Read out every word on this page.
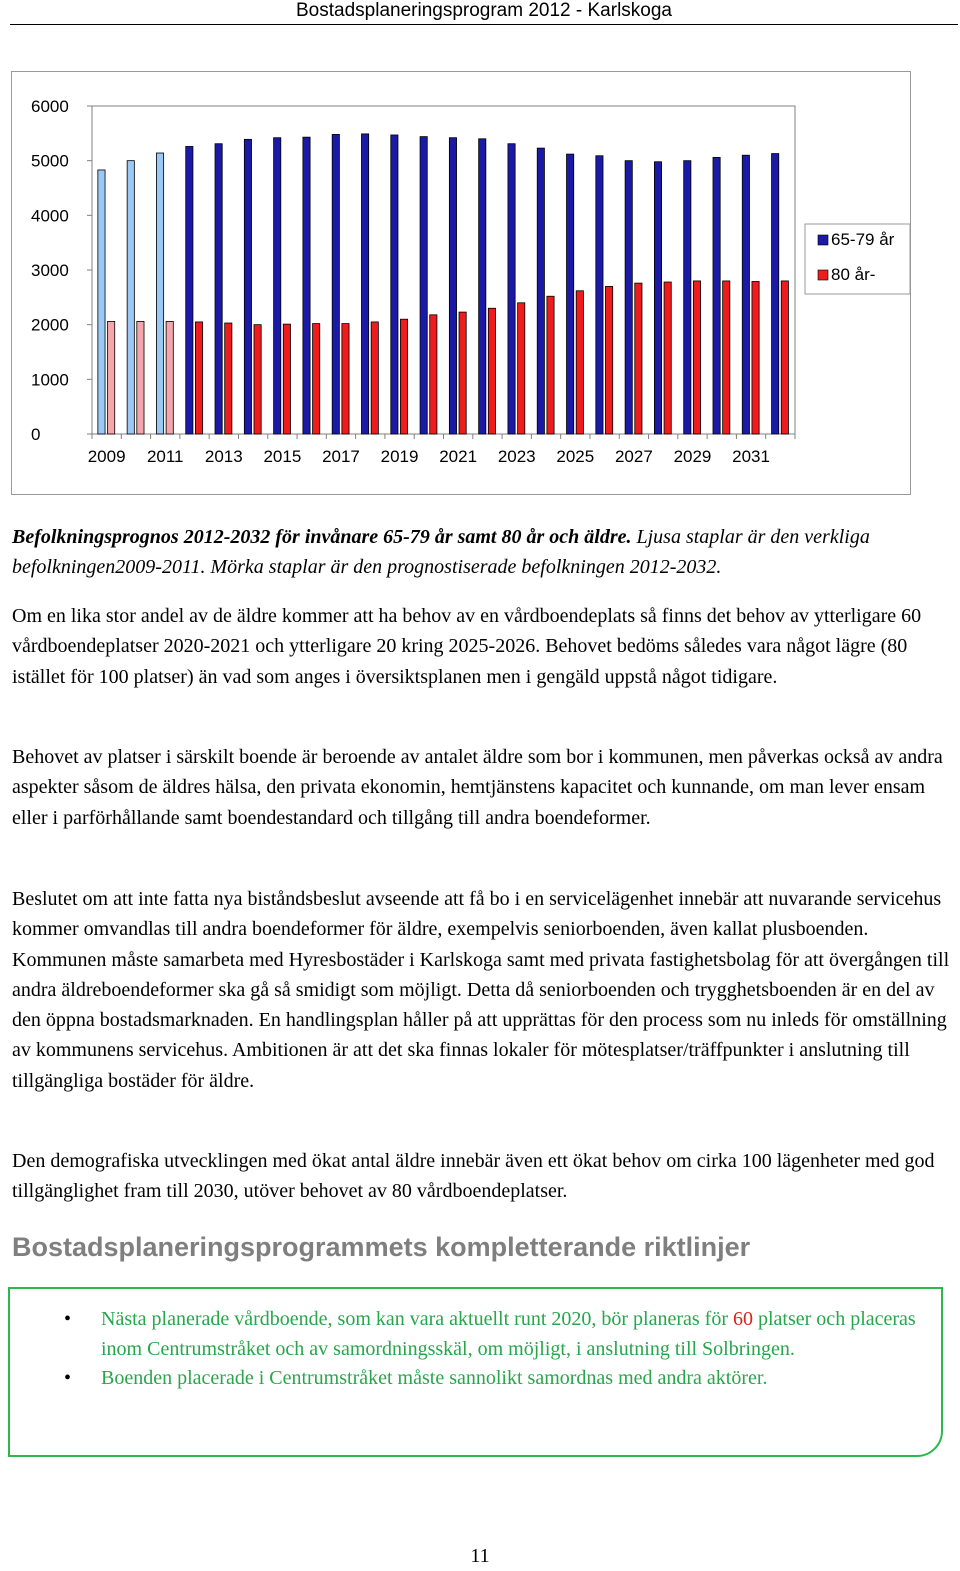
Bostadsplaneringsprogram 2012 - Karlskoga
0
1000
2000
3000
4000
5000
6000
2009 2011 2013 2015 2017 2019 2021 2023 2025 2027 2029 2031
65-79 år
80 år-
Befolkningsprognos 2012-2032 för invånare 65-79 år samt 80 år och äldre. Ljusa staplar är den verkliga befolkningen2009-2011. Mörka staplar är den prognostiserade befolkningen 2012-2032.

Om en lika stor andel av de äldre kommer att ha behov av en vårdboendeplats så finns det behov av ytterligare 60 vårdboendeplatser 2020-2021 och ytterligare 20 kring 2025-2026. Behovet bedöms således vara något lägre (80 istället för 100 platser) än vad som anges i översiktsplanen men i gengäld uppstå något tidigare.

Behovet av platser i särskilt boende är beroende av antalet äldre som bor i kommunen, men påverkas också av andra aspekter såsom de äldres hälsa, den privata ekonomin, hemtjänstens kapacitet och kunnande, om man lever ensam eller i parförhållande samt boendestandard och tillgång till andra boendeformer.

Beslutet om att inte fatta nya biståndsbeslut avseende att få bo i en servicelägenhet innebär att nuvarande servicehus kommer omvandlas till andra boendeformer för äldre, exempelvis seniorboenden, även kallat plusboenden. Kommunen måste samarbeta med Hyresbostäder i Karlskoga samt med privata fastighetsbolag för att övergången till andra äldreboendeformer ska gå så smidigt som möjligt. Detta då seniorboenden och trygghetsboenden är en del av den öppna bostadsmarknaden. En handlingsplan håller på att upprättas för den process som nu inleds för omställning av kommunens servicehus. Ambitionen är att det ska finnas lokaler för mötesplatser/träffpunkter i anslutning till tillgängliga bostäder för äldre.

Den demografiska utvecklingen med ökat antal äldre innebär även ett ökat behov om cirka 100 lägenheter med god tillgänglighet fram till 2030, utöver behovet av 80 vårdboendeplatser.

Bostadsplaneringsprogrammets kompletterande riktlinjer
• Nästa planerade vårdboende, som kan vara aktuellt runt 2020, bör planeras för 60 platser och placeras inom Centrumstråket och av samordningsskäl, om möjligt, i anslutning till Solbringen.
• Boenden placerade i Centrumstråket måste sannolikt samordnas med andra aktörer.
11
